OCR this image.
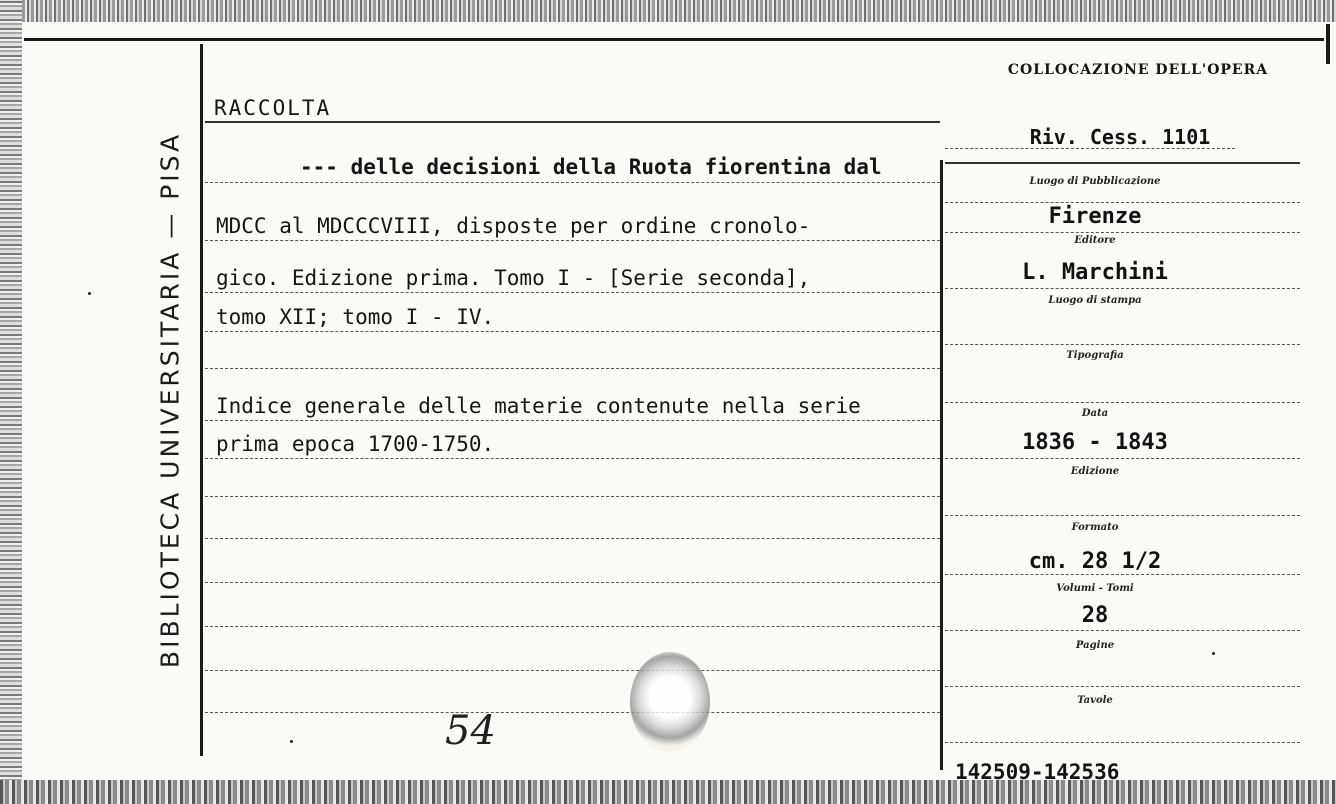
BIBLIOTECA UNIVERSITARIA — PISA
RACCOLTA
--- delle decisioni della Ruota fiorentina dal
MDCC al MDCCCVIII, disposte per ordine cronolo-
gico. Edizione prima. Tomo I - [Serie seconda],
tomo XII; tomo I - IV.
Indice generale delle materie contenute nella serie
prima epoca 1700-1750.
54
COLLOCAZIONE DELL'OPERA
Riv. Cess. 1101
Luogo di Pubblicazione
Firenze
Editore
L. Marchini
Luogo di stampa
Tipografia
Data
1836 - 1843
Edizione
Formato
cm. 28 1/2
Volumi - Tomi
28
Pagine
Tavole
142509-142536
